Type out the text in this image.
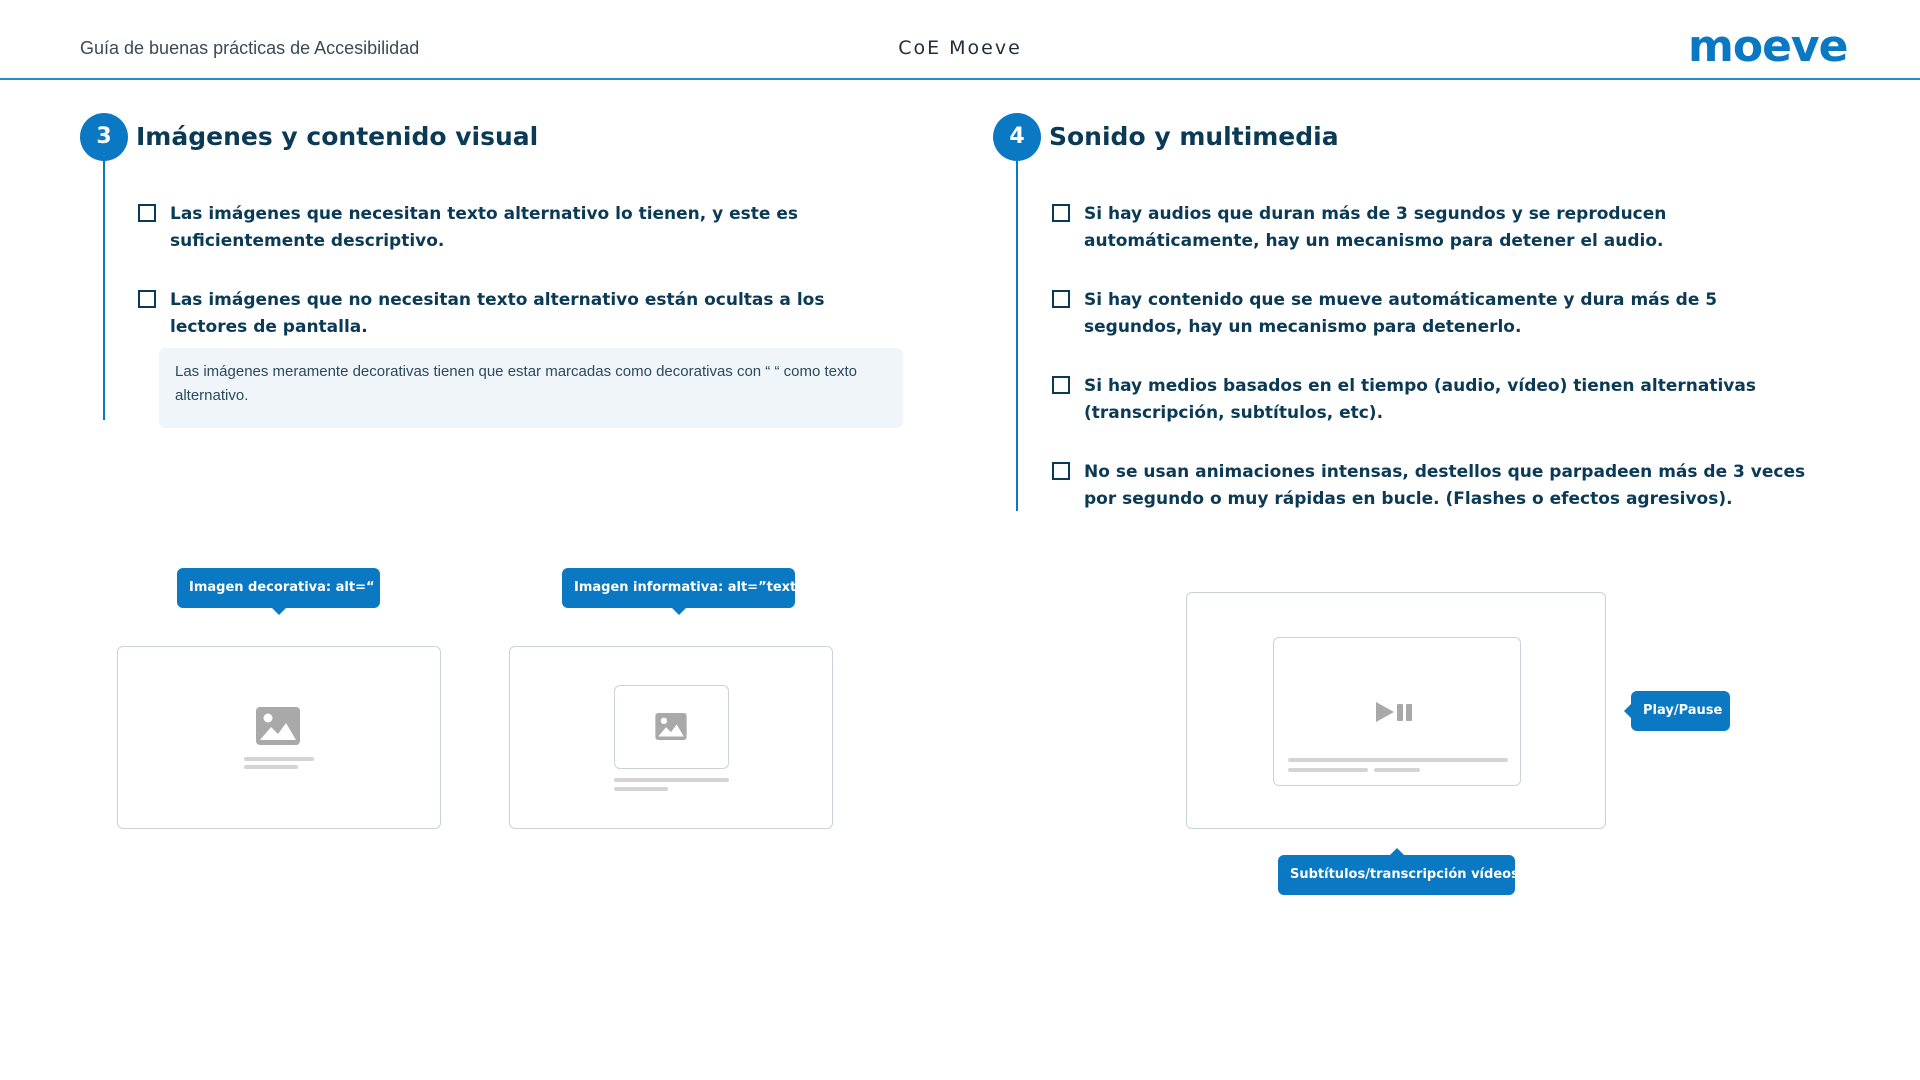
Guía de buenas prácticas de Accesibilidad	CoE Moeve	moeve
3 Imágenes y contenido visual
Las imágenes que necesitan texto alternativo lo tienen, y este es suficientemente descriptivo.
Las imágenes que no necesitan texto alternativo están ocultas a los lectores de pantalla.
Las imágenes meramente decorativas tienen que estar marcadas como decorativas con “ “ como texto alternativo.
4 Sonido y multimedia
Si hay audios que duran más de 3 segundos y se reproducen automáticamente, hay un mecanismo para detener el audio.
Si hay contenido que se mueve automáticamente y dura más de 5 segundos, hay un mecanismo para detenerlo.
Si hay medios basados en el tiempo (audio, vídeo) tienen alternativas (transcripción, subtítulos, etc).
No se usan animaciones intensas, destellos que parpadeen más de 3 veces por segundo o muy rápidas en bucle. (Flashes o efectos agresivos).
Imagen decorativa: alt=“ ”	Imagen informativa: alt=”text”
Play/Pause
Subtítulos/transcripción vídeos
